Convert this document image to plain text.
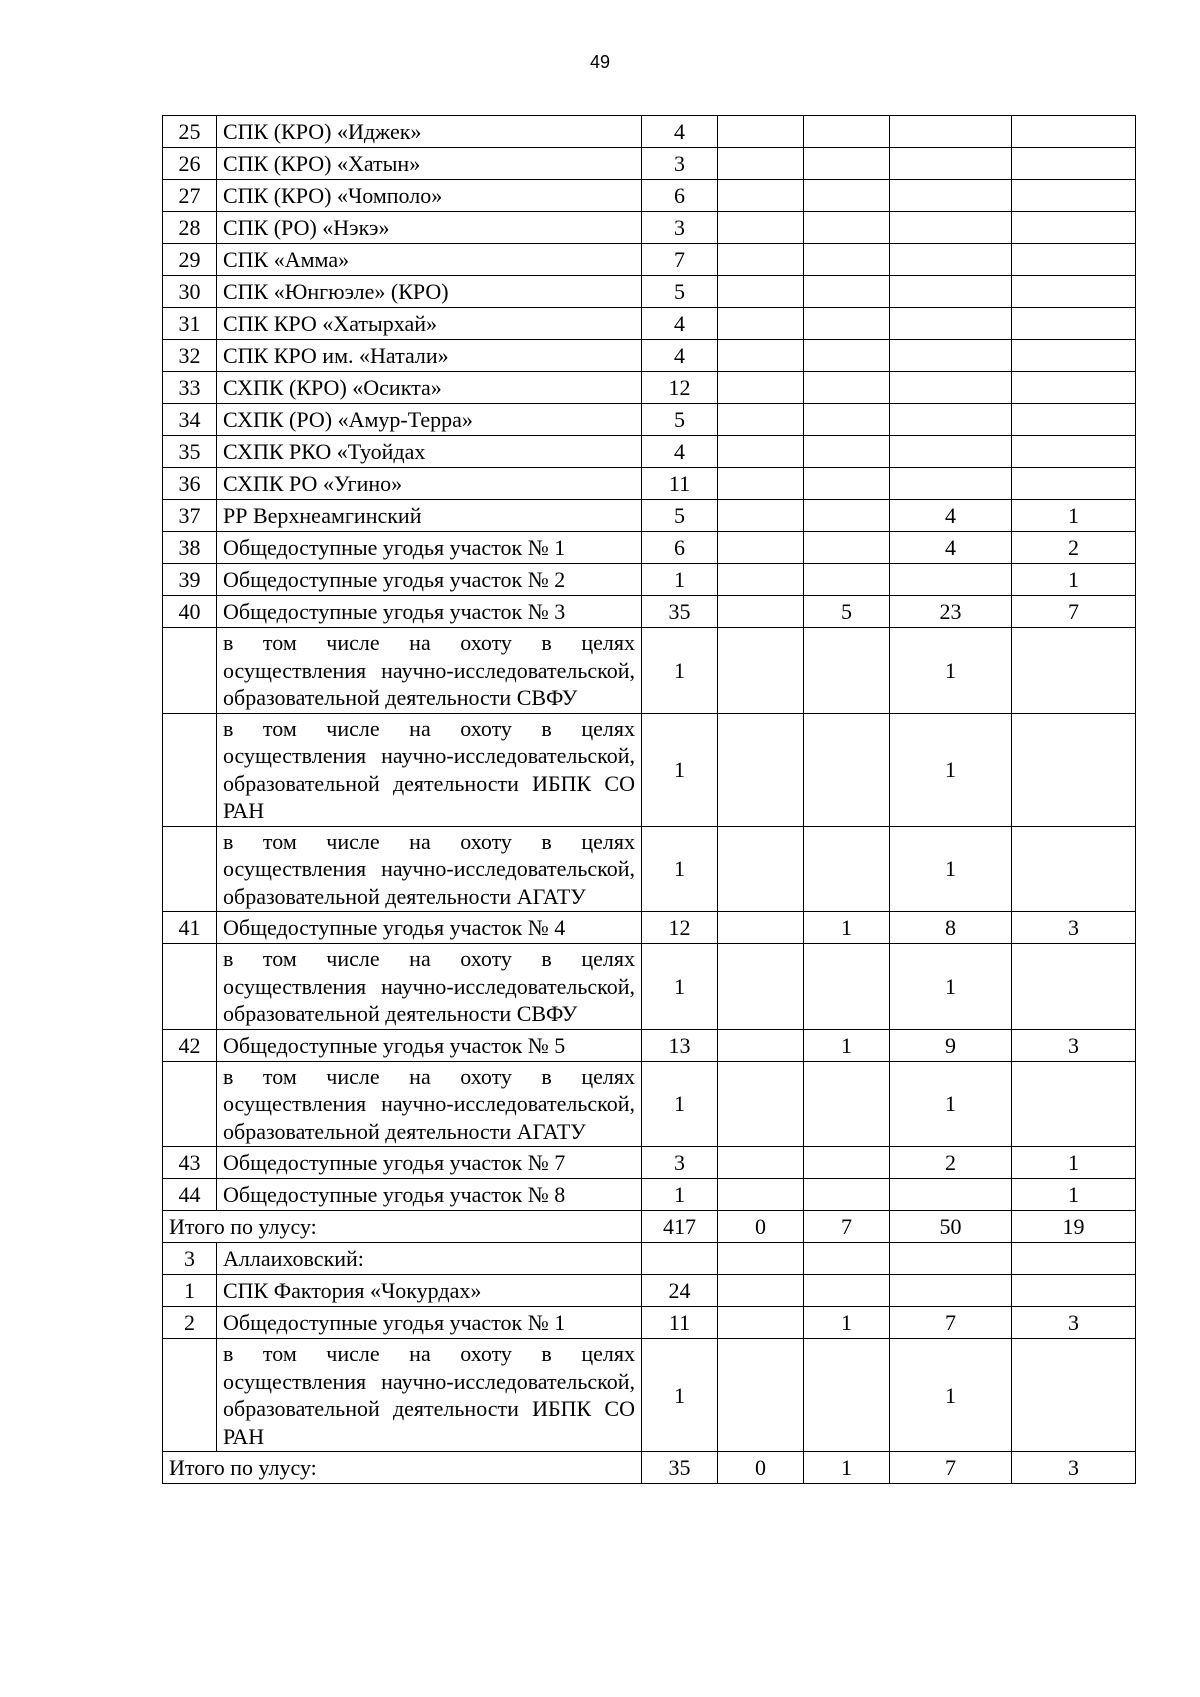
49
25	СПК (КРО) «Иджек»	4				
26	СПК (КРО) «Хатын»	3				
27	СПК (КРО) «Чомполо»	6				
28	СПК (РО) «Нэкэ»	3				
29	СПК «Амма»	7				
30	СПК «Юнгюэле» (КРО)	5				
31	СПК КРО «Хатырхай»	4				
32	СПК КРО им. «Натали»	4				
33	СХПК (КРО) «Осикта»	12				
34	СХПК (РО) «Амур-Терра»	5				
35	СХПК РКО «Туойдах	4				
36	СХПК РО «Угино»	11				
37	РР Верхнеамгинский	5			4	1
38	Общедоступные угодья участок № 1	6			4	2
39	Общедоступные угодья участок № 2	1				1
40	Общедоступные угодья участок № 3	35		5	23	7
	в том числе на охоту в целях осуществления научно-исследовательской, образовательной деятельности СВФУ	1			1	
	в том числе на охоту в целях осуществления научно-исследовательской, образовательной деятельности ИБПК СО РАН	1			1	
	в том числе на охоту в целях осуществления научно-исследовательской, образовательной деятельности АГАТУ	1			1	
41	Общедоступные угодья участок № 4	12		1	8	3
	в том числе на охоту в целях осуществления научно-исследовательской, образовательной деятельности СВФУ	1			1	
42	Общедоступные угодья участок № 5	13		1	9	3
	в том числе на охоту в целях осуществления научно-исследовательской, образовательной деятельности АГАТУ	1			1	
43	Общедоступные угодья участок № 7	3			2	1
44	Общедоступные угодья участок № 8	1				1
Итого по улусу:		417	0	7	50	19
3	Аллаиховский:					
1	СПК Фактория «Чокурдах»	24				
2	Общедоступные угодья участок № 1	11		1	7	3
	в том числе на охоту в целях осуществления научно-исследовательской, образовательной деятельности ИБПК СО РАН	1			1	
Итого по улусу:		35	0	1	7	3
